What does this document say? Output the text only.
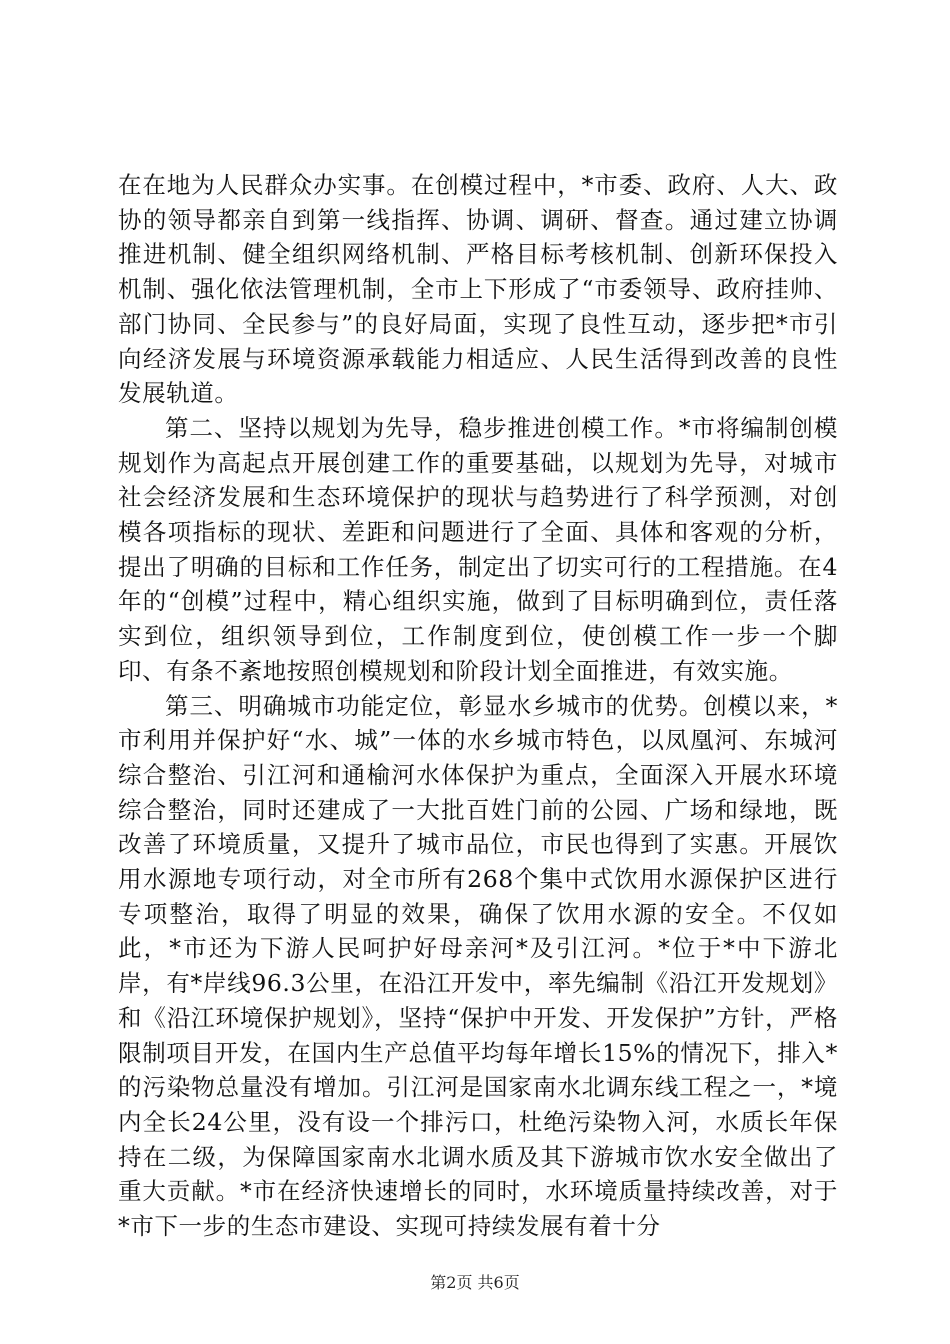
在在地为人民群众办实事。在创模过程中，*市委、政府、人大、政协的领导都亲自到第一线指挥、协调、调研、督查。通过建立协调推进机制、健全组织网络机制、严格目标考核机制、创新环保投入机制、强化依法管理机制，全市上下形成了“市委领导、政府挂帅、部门协同、全民参与”的良好局面，实现了良性互动，逐步把*市引向经济发展与环境资源承载能力相适应、人民生活得到改善的良性发展轨道。

第二、坚持以规划为先导，稳步推进创模工作。*市将编制创模规划作为高起点开展创建工作的重要基础，以规划为先导，对城市社会经济发展和生态环境保护的现状与趋势进行了科学预测，对创模各项指标的现状、差距和问题进行了全面、具体和客观的分析，提出了明确的目标和工作任务，制定出了切实可行的工程措施。在4年的“创模”过程中，精心组织实施，做到了目标明确到位，责任落实到位，组织领导到位，工作制度到位，使创模工作一步一个脚印、有条不紊地按照创模规划和阶段计划全面推进，有效实施。

第三、明确城市功能定位，彰显水乡城市的优势。创模以来，*市利用并保护好“水、城”一体的水乡城市特色，以凤凰河、东城河综合整治、引江河和通榆河水体保护为重点，全面深入开展水环境综合整治，同时还建成了一大批百姓门前的公园、广场和绿地，既改善了环境质量，又提升了城市品位，市民也得到了实惠。开展饮用水源地专项行动，对全市所有268个集中式饮用水源保护区进行专项整治，取得了明显的效果，确保了饮用水源的安全。不仅如此，*市还为下游人民呵护好母亲河*及引江河。*位于*中下游北岸，有*岸线96.3公里，在沿江开发中，率先编制《沿江开发规划》和《沿江环境保护规划》，坚持“保护中开发、开发保护”方针，严格限制项目开发，在国内生产总值平均每年增长15%的情况下，排入*的污染物总量没有增加。引江河是国家南水北调东线工程之一，*境内全长24公里，没有设一个排污口，杜绝污染物入河，水质长年保持在二级，为保障国家南水北调水质及其下游城市饮水安全做出了重大贡献。*市在经济快速增长的同时，水环境质量持续改善，对于*市下一步的生态市建设、实现可持续发展有着十分

第2页 共6页
